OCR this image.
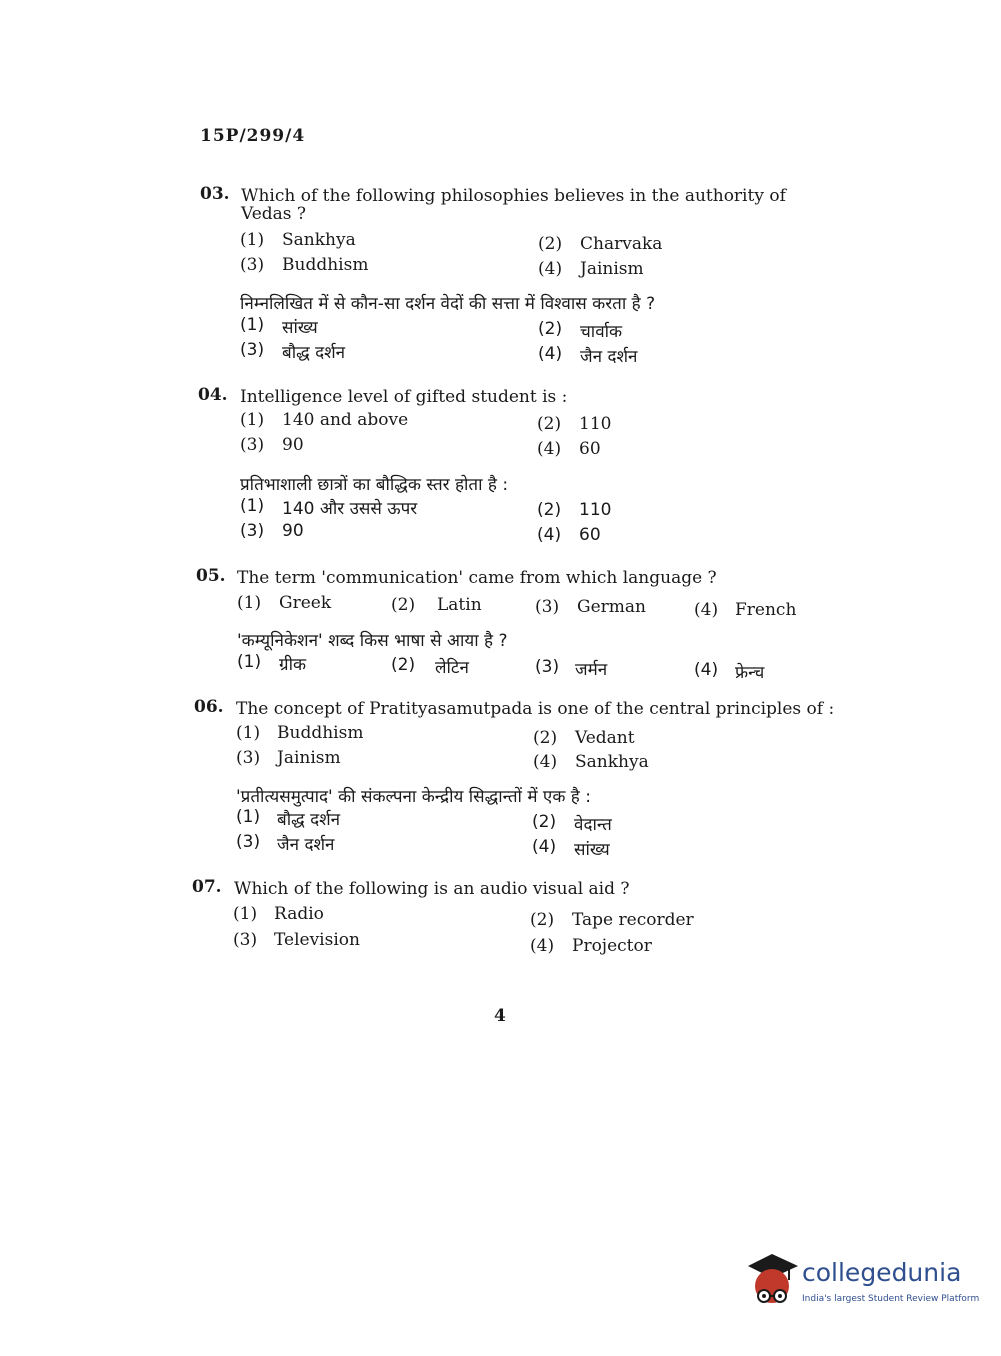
15P/299/4
03. Which of the following philosophies believes in the authority of
Vedas ?
(1) Sankhya	(2) Charvaka
(3) Buddhism	(4) Jainism
निम्नलिखित में से कौन-सा दर्शन वेदों की सत्ता में विश्वास करता है ?
(1) सांख्य	(2) चार्वाक
(3) बौद्ध दर्शन	(4) जैन दर्शन
04. Intelligence level of gifted student is :
(1) 140 and above	(2) 110
(3) 90	(4) 60
प्रतिभाशाली छात्रों का बौद्धिक स्तर होता है :
(1) 140 और उससे ऊपर	(2) 110
(3) 90	(4) 60
05. The term 'communication' came from which language ?
(1) Greek	(2) Latin	(3) German	(4) French
'कम्यूनिकेशन' शब्द किस भाषा से आया है ?
(1) ग्रीक	(2) लेटिन	(3) जर्मन	(4) फ्रेन्च
06. The concept of Pratityasamutpada is one of the central principles of :
(1) Buddhism	(2) Vedant
(3) Jainism	(4) Sankhya
'प्रतीत्यसमुत्पाद' की संकल्पना केन्द्रीय सिद्धान्तों में एक है :
(1) बौद्ध दर्शन	(2) वेदान्त
(3) जैन दर्शन	(4) सांख्य
07. Which of the following is an audio visual aid ?
(1) Radio	(2) Tape recorder
(3) Television	(4) Projector
4
collegedunia
India's largest Student Review Platform
